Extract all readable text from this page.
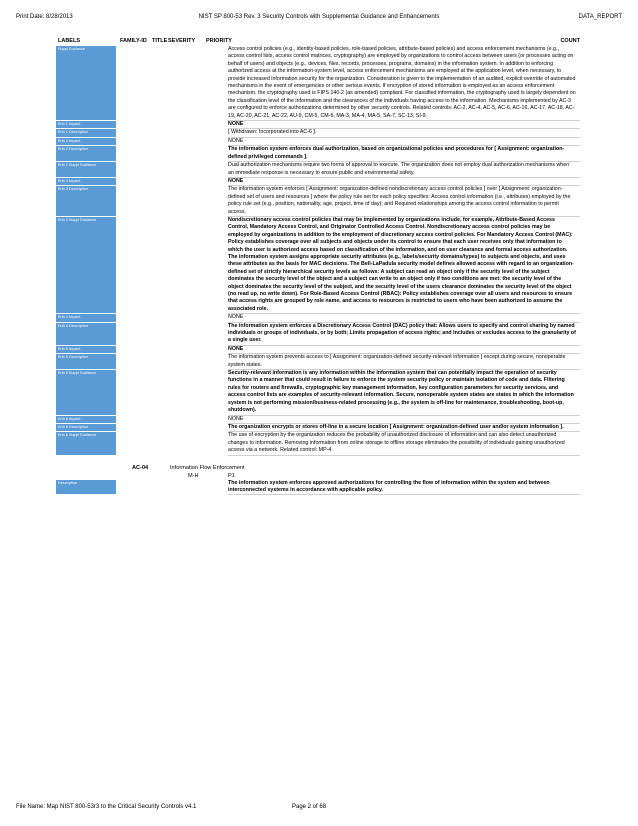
Print Date: 8/28/2013	NIST SP 800-53 Rev. 3 Security Controls with Supplemental Guidance and Enhancements	DATA_REPORT
LABELS	FAMILY-ID TITLE SEVERITY PRIORITY	COUNT
Suppl Guidance	Access control policies (e.g., identity-based policies, role-based policies, attribute-based policies) and access enforcement mechanisms (e.g., access control lists, access control matrices, cryptography) are employed by organizations to control access between users (or processes acting on behalf of users) and objects (e.g., devices, files, records, processes, programs, domains) in the information system. In addition to enforcing authorized access at the information-system level, access enforcement mechanisms are employed at the application level, when necessary, to provide increased information security for the organization. Consideration is given to the implementation of an audited, explicit override of automated mechanisms in the event of emergencies or other serious events. If encryption of stored information is employed as an access enforcement mechanism, the cryptography used is FIPS 140-2 (as amended) compliant. For classified information, the cryptography used is largely dependent on the classification level of the information and the clearances of the individuals having access to the information. Mechanisms implemented by AC-3 are configured to enforce authorizations determined by other security controls. Related controls: AC-2, AC-4, AC-5, AC-6, AC-16, AC-17, AC-18, AC-19, AC-20, AC-21, AC-22, AU-9, CM-5, CM-6, MA-3, MA-4, MA-5, SA-7, SC-13, SI-9.
Enh 1 Impact	NONE
Enh 1 Description	[ Withdrawn: Incorporated into AC-6 ].
Enh 2 Impact	NONE
Enh 2 Description	The information system enforces dual authorization, based on organizational policies and procedures for [ Assignment: organization-defined privileged commands ].
Enh 2 Suppl Guidance	Dual authorization mechanisms require two forms of approval to execute. The organization does not employ dual authorization mechanisms when an immediate response is necessary to ensure public and environmental safety.
Enh 3 Impact	NONE
Enh 3 Description	The information system enforces [ Assignment: organization-defined nondiscretionary access control policies ] over [ Assignment: organization-defined set of users and resources ] where the policy rule set for each policy specifies: Access control information (i.e., attributes) employed by the policy rule set (e.g., position, nationality, age, project, time of day); and Required relationships among the access control information to permit access.
Enh 3 Suppl Guidance	Nondiscretionary access control policies that may be implemented by organizations include, for example, Attribute-Based Access Control, Mandatory Access Control, and Originator Controlled Access Control. Nondiscretionary access control policies may be employed by organizations in addition to the employment of discretionary access control policies. For Mandatory Access Control (MAC): Policy establishes coverage over all subjects and objects under its control to ensure that each user receives only that information to which the user is authorized access based on classification of the information, and on user clearance and formal access authorization. The information system assigns appropriate security attributes (e.g., labels/security domains/types) to subjects and objects, and uses these attributes as the basis for MAC decisions. The Bell-LaPadula security model defines allowed access with regard to an organization-defined set of strictly hierarchical security levels as follows: A subject can read an object only if the security level of the subject dominates the security level of the object and a subject can write to an object only if two conditions are met: the security level of the object dominates the security level of the subject, and the security level of the users clearance dominates the security level of the object (no read up, no write down). For Role-Based Access Control (RBAC): Policy establishes coverage over all users and resources to ensure that access rights are grouped by role name, and access to resources is restricted to users who have been authorized to assume the associated role.
Enh 4 Impact	NONE
Enh 4 Description	The information system enforces a Discretionary Access Control (DAC) policy that: Allows users to specify and control sharing by named individuals or groups of individuals, or by both; Limits propagation of access rights; and Includes or excludes access to the granularity of a single user.
Enh 5 Impact	NONE
Enh 5 Description	The information system prevents access to [ Assignment: organization-defined security-relevant information ] except during secure, nonoperable system states.
Enh 5 Suppl Guidance	Security-relevant information is any information within the information system that can potentially impact the operation of security functions in a manner that could result in failure to enforce the system security policy or maintain isolation of code and data. Filtering rules for routers and firewalls, cryptographic key management information, key configuration parameters for security services, and access control lists are examples of security-relevant information. Secure, nonoperable system states are states in which the information system is not performing mission/business-related processing (e.g., the system is off-line for maintenance, troubleshooting, boot-up, shutdown).
Enh 6 Impact	NONE
Enh 6 Description	The organization encrypts or stores off-line in a secure location [ Assignment: organization-defined user and/or system information ].
Enh 6 Suppl Guidance	The use of encryption by the organization reduces the probability of unauthorized disclosure of information and can also detect unauthorized changes to information. Removing information from online storage to offline storage eliminates the possibility of individuals gaining unauthorized access via a network. Related control: MP-4.
AC-04	Information Flow Enforcement
M-H	P1
Description	The information system enforces approved authorizations for controlling the flow of information within the system and between interconnected systems in accordance with applicable policy.
File Name: Map NIST 800-53r3 to the Critical Security Controls v4.1	Page 2 of 68
